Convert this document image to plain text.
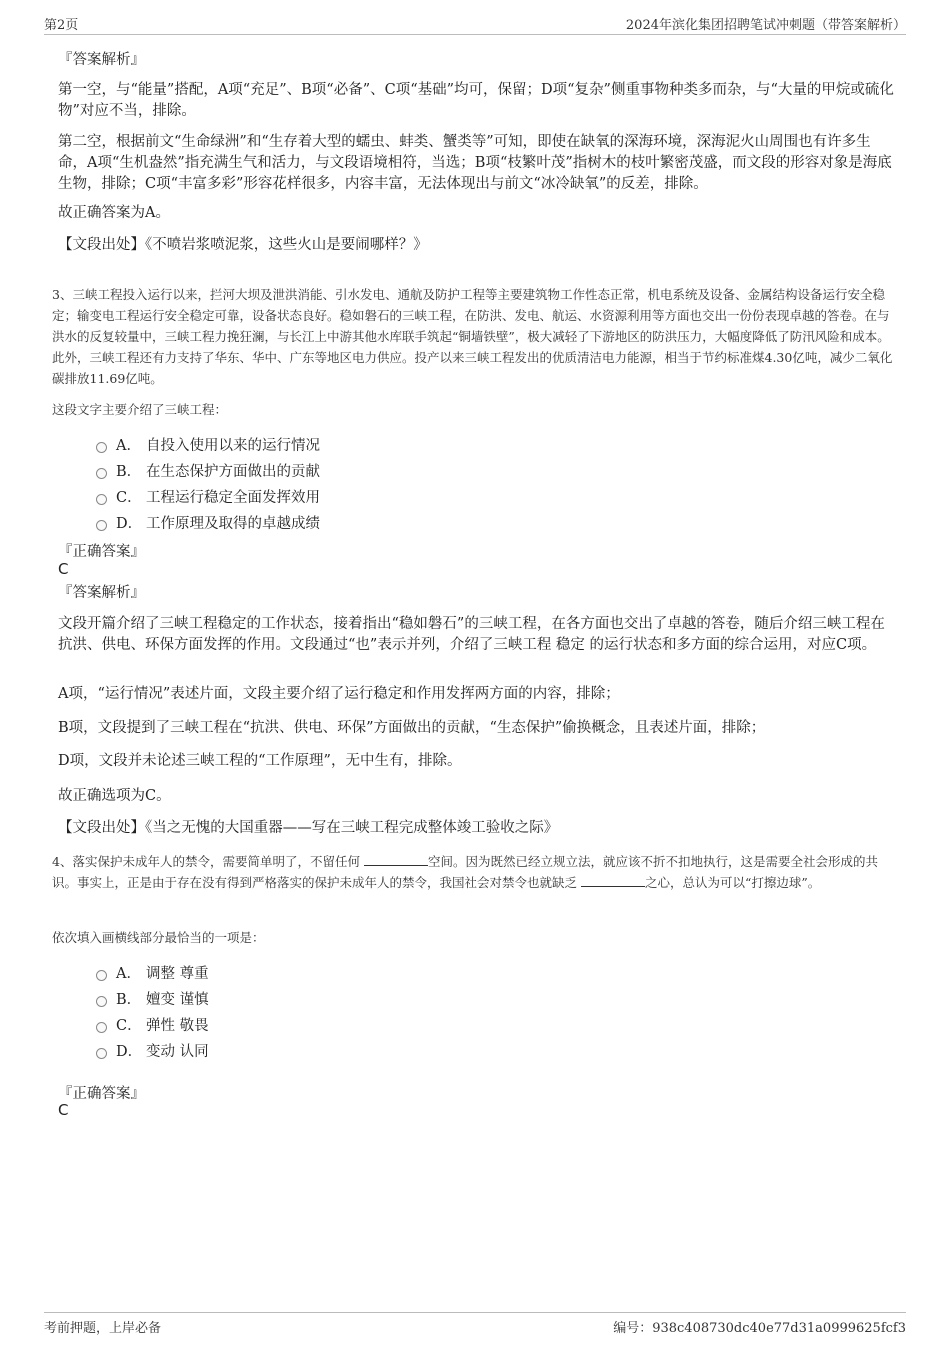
第2页	2024年滨化集团招聘笔试冲刺题（带答案解析）
『答案解析』

第一空，与“能量”搭配，A项“充足”、B项“必备”、C项“基础”均可，保留；D项“复杂”侧重事物种类多而杂，与“大量的甲烷或硫化物”对应不当，排除。

第二空，根据前文“生命绿洲”和“生存着大型的蠕虫、蚌类、蟹类等”可知，即使在缺氧的深海环境，深海泥火山周围也有许多生命，A项“生机盎然”指充满生气和活力，与文段语境相符，当选；B项“枝繁叶茂”指树木的枝叶繁密茂盛，而文段的形容对象是海底生物，排除；C项“丰富多彩”形容花样很多，内容丰富，无法体现出与前文“冰冷缺氧”的反差，排除。

故正确答案为A。
【文段出处】《不喷岩浆喷泥浆，这些火山是要闹哪样？》
3、三峡工程投入运行以来，拦河大坝及泄洪消能、引水发电、通航及防护工程等主要建筑物工作性态正常，机电系统及设备、金属结构设备运行安全稳定；输变电工程运行安全稳定可靠，设备状态良好。稳如磐石的三峡工程，在防洪、发电、航运、水资源利用等方面也交出一份份表现卓越的答卷。在与洪水的反复较量中，三峡工程力挽狂澜，与长江上中游其他水库联手筑起“铜墙铁壁”，极大减轻了下游地区的防洪压力，大幅度降低了防汛风险和成本。此外，三峡工程还有力支持了华东、华中、广东等地区电力供应。投产以来三峡工程发出的优质清洁电力能源，相当于节约标准煤4.30亿吨，减少二氧化碳排放11.69亿吨。
这段文字主要介绍了三峡工程：
A． 自投入使用以来的运行情况
B． 在生态保护方面做出的贡献
C． 工程运行稳定全面发挥效用
D． 工作原理及取得的卓越成绩
『正确答案』
C
『答案解析』
文段开篇介绍了三峡工程稳定的工作状态，接着指出“稳如磐石”的三峡工程，在各方面也交出了卓越的答卷，随后介绍三峡工程在抗洪、供电、环保方面发挥的作用。文段通过“也”表示并列，介绍了三峡工程 稳定 的运行状态和多方面的综合运用，对应C项。
A项，“运行情况”表述片面，文段主要介绍了运行稳定和作用发挥两方面的内容，排除；
B项，文段提到了三峡工程在“抗洪、供电、环保”方面做出的贡献，“生态保护”偷换概念，且表述片面，排除；
D项，文段并未论述三峡工程的“工作原理”，无中生有，排除。
故正确选项为C。
【文段出处】《当之无愧的大国重器——写在三峡工程完成整体竣工验收之际》
4、落实保护未成年人的禁令，需要简单明了，不留任何	空间。因为既然已经立规立法，就应该不折不扣地执行，这是需要全社会形成的共识。事实上，正是由于存在没有得到严格落实的保护未成年人的禁令，我国社会对禁令也就缺乏	之心，总认为可以“打擦边球”。
依次填入画横线部分最恰当的一项是：
A． 调整 尊重
B． 嬗变 谨慎
C． 弹性 敬畏
D． 变动 认同
『正确答案』
C
考前押题，上岸必备	编号：938c408730dc40e77d31a0999625fcf3
